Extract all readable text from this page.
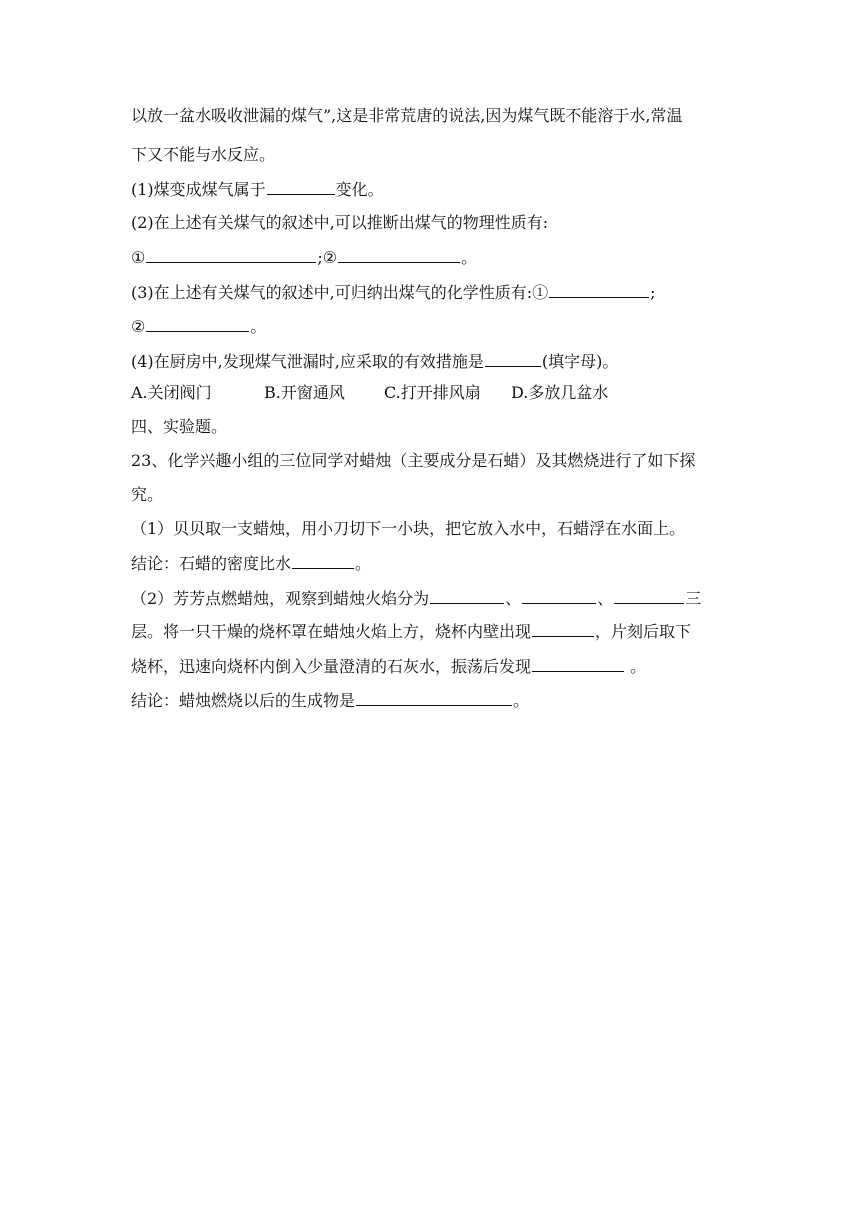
以放一盆水吸收泄漏的煤气”,这是非常荒唐的说法,因为煤气既不能溶于水,常温
下又不能与水反应。
(1)煤变成煤气属于	变化。
(2)在上述有关煤气的叙述中,可以推断出煤气的物理性质有:
①	;②	。
(3)在上述有关煤气的叙述中,可归纳出煤气的化学性质有:①	;
②	。
(4)在厨房中,发现煤气泄漏时,应采取的有效措施是	(填字母)。
A.关闭阀门	B.开窗通风 C.打开排风扇 D.多放几盆水
四、实验题。
23、化学兴趣小组的三位同学对蜡烛（主要成分是石蜡）及其燃烧进行了如下探
究。
（1）贝贝取一支蜡烛，用小刀切下一小块，把它放入水中，石蜡浮在水面上。
结论：石蜡的密度比水	。
（2）芳芳点燃蜡烛，观察到蜡烛火焰分为	、	、	三
层。将一只干燥的烧杯罩在蜡烛火焰上方，烧杯内壁出现	，片刻后取下
烧杯，迅速向烧杯内倒入少量澄清的石灰水，振荡后发现	。
结论：蜡烛燃烧以后的生成物是	。
